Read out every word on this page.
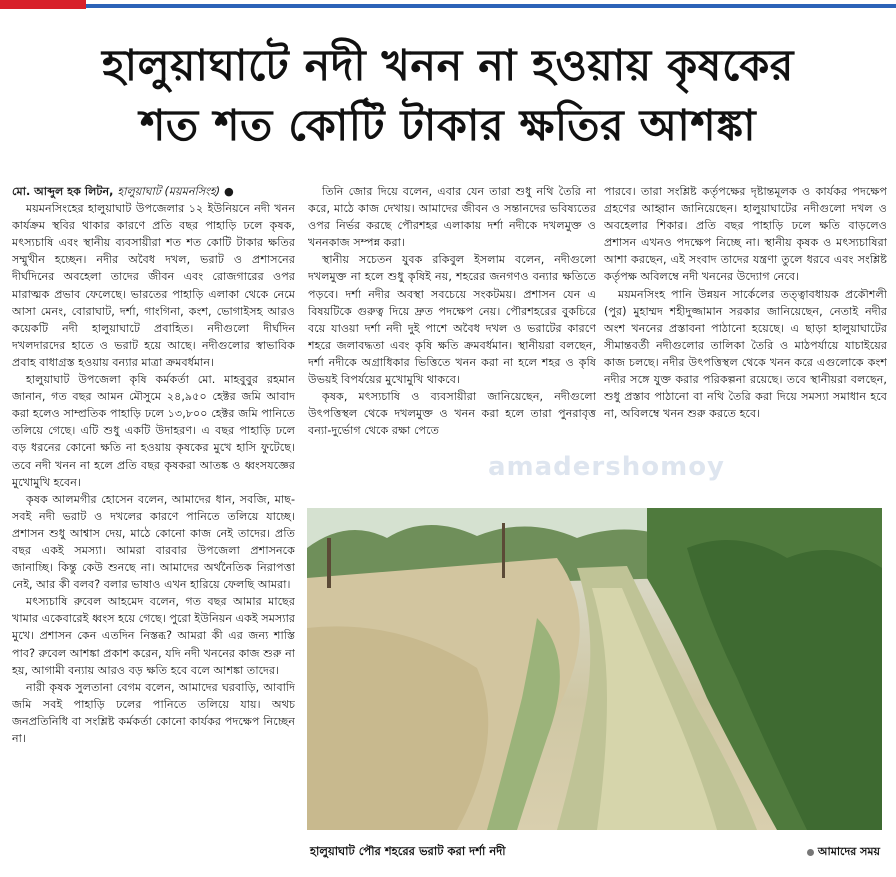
হালুয়াঘাটে নদী খনন না হওয়ায় কৃষকের
শত শত কোটি টাকার ক্ষতির আশঙ্কা

মো. আব্দুল হক লিটন, হালুয়াঘাট (ময়মনসিংহ) ●

ময়মনসিংহের হালুয়াঘাট উপজেলার ১২ ইউনিয়নে নদী খনন কার্যক্রম স্থবির থাকার কারণে প্রতি বছর পাহাড়ি ঢলে কৃষক, মৎস্যচাষি এবং স্থানীয় ব্যবসায়ীরা শত শত কোটি টাকার ক্ষতির সম্মুখীন হচ্ছেন। নদীর অবৈধ দখল, ভরাট ও প্রশাসনের দীর্ঘদিনের অবহেলা তাদের জীবন এবং রোজগারের ওপর মারাত্মক প্রভাব ফেলেছে। ভারতের পাহাড়ি এলাকা থেকে নেমে আসা মেনং, বোরাঘাট, দর্শা, গাংগিনা, কংশ, ভোগাইসহ আরও কয়েকটি নদী হালুয়াঘাটে প্রবাহিত। নদীগুলো দীর্ঘদিন দখলদারদের হাতে ও ভরাট হয়ে আছে। নদীগুলোর স্বাভাবিক প্রবাহ বাধাগ্রস্ত হওয়ায় বন্যার মাত্রা ক্রমবর্ধমান।

হালুয়াঘাট উপজেলা কৃষি কর্মকর্তা মো. মাহবুবুর রহমান জানান, গত বছর আমন মৌসুমে ২৪,৯৫০ হেক্টর জমি আবাদ করা হলেও সাম্প্রতিক পাহাড়ি ঢলে ১৩,৮০০ হেক্টর জমি পানিতে তলিয়ে গেছে। এটি শুধু একটি উদাহরণ। এ বছর পাহাড়ি ঢলে বড় ধরনের কোনো ক্ষতি না হওয়ায় কৃষকের মুখে হাসি ফুটেছে। তবে নদী খনন না হলে প্রতি বছর কৃষকরা আতঙ্ক ও ধ্বংসযজ্ঞের মুখোমুখি হবেন।

কৃষক আলমগীর হোসেন বলেন, আমাদের ধান, সবজি, মাছ- সবই নদী ভরাট ও দখলের কারণে পানিতে তলিয়ে যাচ্ছে। প্রশাসন শুধু আশ্বাস দেয়, মাঠে কোনো কাজ নেই তাদের। প্রতি বছর একই সমস্যা। আমরা বারবার উপজেলা প্রশাসনকে জানাচ্ছি। কিন্তু কেউ শুনছে না। আমাদের অর্থনৈতিক নিরাপত্তা নেই, আর কী বলব? বলার ভাষাও এখন হারিয়ে ফেলছি আমরা।

মৎস্যচাষি রুবেল আহমেদ বলেন, গত বছর আমার মাছের খামার একেবারেই ধ্বংস হয়ে গেছে। পুরো ইউনিয়ন একই সমস্যার মুখে। প্রশাসন কেন এতদিন নিস্তব্ধ? আমরা কী এর জন্য শাস্তি পাব? রুবেল আশঙ্কা প্রকাশ করেন, যদি নদী খননের কাজ শুরু না হয়, আগামী বন্যায় আরও বড় ক্ষতি হবে বলে আশঙ্কা তাদের।

নারী কৃষক সুলতানা বেগম বলেন, আমাদের ঘরবাড়ি, আবাদি জমি সবই পাহাড়ি ঢলের পানিতে তলিয়ে যায়। অথচ জনপ্রতিনিধি বা সংশ্লিষ্ট কর্মকর্তা কোনো কার্যকর পদক্ষেপ নিচ্ছেন না।

তিনি জোর দিয়ে বলেন, এবার যেন তারা শুধু নথি তৈরি না করে, মাঠে কাজ দেখায়। আমাদের জীবন ও সন্তানদের ভবিষ্যতের ওপর নির্ভর করছে পৌরশহর এলাকায় দর্শা নদীকে দখলমুক্ত ও খননকাজ সম্পন্ন করা।

স্থানীয় সচেতন যুবক রকিবুল ইসলাম বলেন, নদীগুলো দখলমুক্ত না হলে শুধু কৃষিই নয়, শহরের জনগণও বন্যার ক্ষতিতে পড়বে। দর্শা নদীর অবস্থা সবচেয়ে সংকটময়। প্রশাসন যেন এ বিষয়টিকে গুরুত্ব দিয়ে দ্রুত পদক্ষেপ নেয়। পৌরশহরের বুকচিরে বয়ে যাওয়া দর্শা নদী দুই পাশে অবৈধ দখল ও ভরাটের কারণে শহরে জলাবদ্ধতা এবং কৃষি ক্ষতি ক্রমবর্ধমান। স্থানীয়রা বলছেন, দর্শা নদীকে অগ্রাধিকার ভিত্তিতে খনন করা না হলে শহর ও কৃষি উভয়ই বিপর্যয়ের মুখোমুখি থাকবে।

কৃষক, মৎস্যচাষি ও ব্যবসায়ীরা জানিয়েছেন, নদীগুলো উৎপত্তিস্থল থেকে দখলমুক্ত ও খনন করা হলে তারা পুনরাবৃত্ত বন্যা-দুর্ভোগ থেকে রক্ষা পেতে

পারবে। তারা সংশ্লিষ্ট কর্তৃপক্ষের দৃষ্টান্তমূলক ও কার্যকর পদক্ষেপ গ্রহণের আহ্বান জানিয়েছেন। হালুয়াঘাটের নদীগুলো দখল ও অবহেলার শিকার। প্রতি বছর পাহাড়ি ঢলে ক্ষতি বাড়লেও প্রশাসন এখনও পদক্ষেপ নিচ্ছে না। স্থানীয় কৃষক ও মৎস্যচাষিরা আশা করছেন, এই সংবাদ তাদের যন্ত্রণা তুলে ধরবে এবং সংশ্লিষ্ট কর্তৃপক্ষ অবিলম্বে নদী খননের উদ্যোগ নেবে।

ময়মনসিংহ পানি উন্নয়ন সার্কেলের তত্ত্বাবধায়ক প্রকৌশলী (পুর) মুহাম্মদ শহীদুজ্জামান সরকার জানিয়েছেন, নেতাই নদীর অংশ খননের প্রস্তাবনা পাঠানো হয়েছে। এ ছাড়া হালুয়াঘাটের সীমান্তবর্তী নদীগুলোর তালিকা তৈরি ও মাঠপর্যায়ে যাচাইয়ের কাজ চলছে। নদীর উৎপত্তিস্থল থেকে খনন করে এগুলোকে কংশ নদীর সঙ্গে যুক্ত করার পরিকল্পনা রয়েছে। তবে স্থানীয়রা বলছেন, শুধু প্রস্তাব পাঠানো বা নথি তৈরি করা দিয়ে সমস্যা সমাধান হবে না, অবিলম্বে খনন শুরু করতে হবে।

amadershomoy
হালুয়াঘাট পৌর শহরের ভরাট করা দর্শা নদী	আমাদের সময়
